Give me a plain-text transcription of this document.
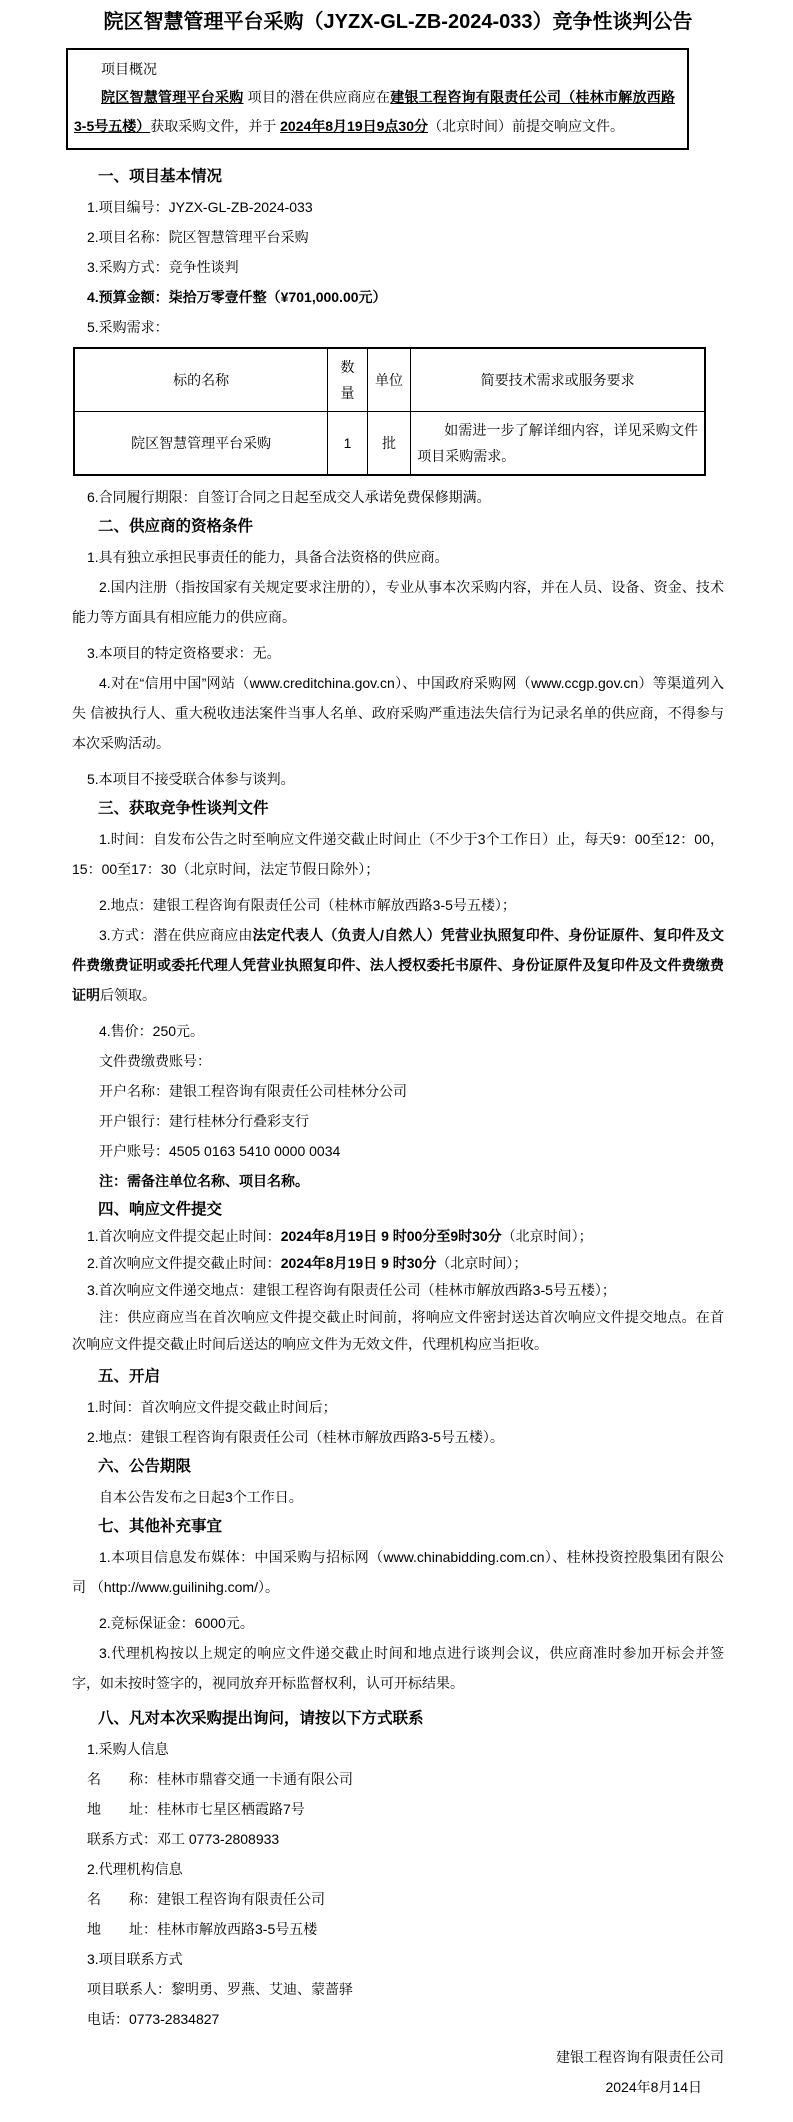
院区智慧管理平台采购（JYZX-GL-ZB-2024-033）竞争性谈判公告

项目概况

院区智慧管理平台采购 项目的潜在供应商应在建银工程咨询有限责任公司（桂林市解放西路3-5号五楼）获取采购文件，并于 2024年8月19日9点30分（北京时间）前提交响应文件。

一、项目基本情况

1.项目编号：JYZX-GL-ZB-2024-033

2.项目名称：院区智慧管理平台采购

3.采购方式：竞争性谈判

4.预算金额：柒拾万零壹仟整（¥701,000.00元）

5.采购需求：

标的名称	数量	单位	简要技术需求或服务要求
院区智慧管理平台采购	1	批	如需进一步了解详细内容，详见采购文件项目采购需求。

6.合同履行期限：自签订合同之日起至成交人承诺免费保修期满。

二、供应商的资格条件

1.具有独立承担民事责任的能力，具备合法资格的供应商。

2.国内注册（指按国家有关规定要求注册的），专业从事本次采购内容，并在人员、设备、资金、技术能力等方面具有相应能力的供应商。

3.本项目的特定资格要求：无。

4.对在“信用中国”网站（www.creditchina.gov.cn）、中国政府采购网（www.ccgp.gov.cn）等渠道列入失 信被执行人、重大税收违法案件当事人名单、政府采购严重违法失信行为记录名单的供应商，不得参与本次采购活动。

5.本项目不接受联合体参与谈判。

三、获取竞争性谈判文件

1.时间：自发布公告之时至响应文件递交截止时间止（不少于3个工作日）止，每天9：00至12：00，15：00至17：30（北京时间，法定节假日除外）；

2.地点：建银工程咨询有限责任公司（桂林市解放西路3-5号五楼）；

3.方式：潜在供应商应由法定代表人（负责人/自然人）凭营业执照复印件、身份证原件、复印件及文件费缴费证明或委托代理人凭营业执照复印件、法人授权委托书原件、身份证原件及复印件及文件费缴费证明后领取。

4.售价：250元。

文件费缴费账号：

开户名称：建银工程咨询有限责任公司桂林分公司

开户银行：建行桂林分行叠彩支行

开户账号：4505 0163 5410 0000 0034

注：需备注单位名称、项目名称。

四、响应文件提交

1.首次响应文件提交起止时间：2024年8月19日 9 时00分至9时30分（北京时间）；

2.首次响应文件提交截止时间：2024年8月19日 9 时30分（北京时间）；

3.首次响应文件递交地点：建银工程咨询有限责任公司（桂林市解放西路3-5号五楼）；

注：供应商应当在首次响应文件提交截止时间前，将响应文件密封送达首次响应文件提交地点。在首次响应文件提交截止时间后送达的响应文件为无效文件，代理机构应当拒收。

五、开启

1.时间：首次响应文件提交截止时间后；

2.地点：建银工程咨询有限责任公司（桂林市解放西路3-5号五楼）。

六、公告期限

自本公告发布之日起3个工作日。

七、其他补充事宜

1.本项目信息发布媒体：中国采购与招标网（www.chinabidding.com.cn）、桂林投资控股集团有限公司 （http://www.guilinihg.com/）。

2.竞标保证金：6000元。

3.代理机构按以上规定的响应文件递交截止时间和地点进行谈判会议，供应商准时参加开标会并签字，如未按时签字的，视同放弃开标监督权利，认可开标结果。

八、凡对本次采购提出询问，请按以下方式联系

1.采购人信息

名　　称：桂林市鼎睿交通一卡通有限公司

地　　址：桂林市七星区栖霞路7号

联系方式：邓工 0773-2808933

2.代理机构信息

名　　称：建银工程咨询有限责任公司

地　　址：桂林市解放西路3-5号五楼

3.项目联系方式

项目联系人：黎明勇、罗燕、艾迪、蒙蔷驿

电话：0773-2834827

建银工程咨询有限责任公司

2024年8月14日
